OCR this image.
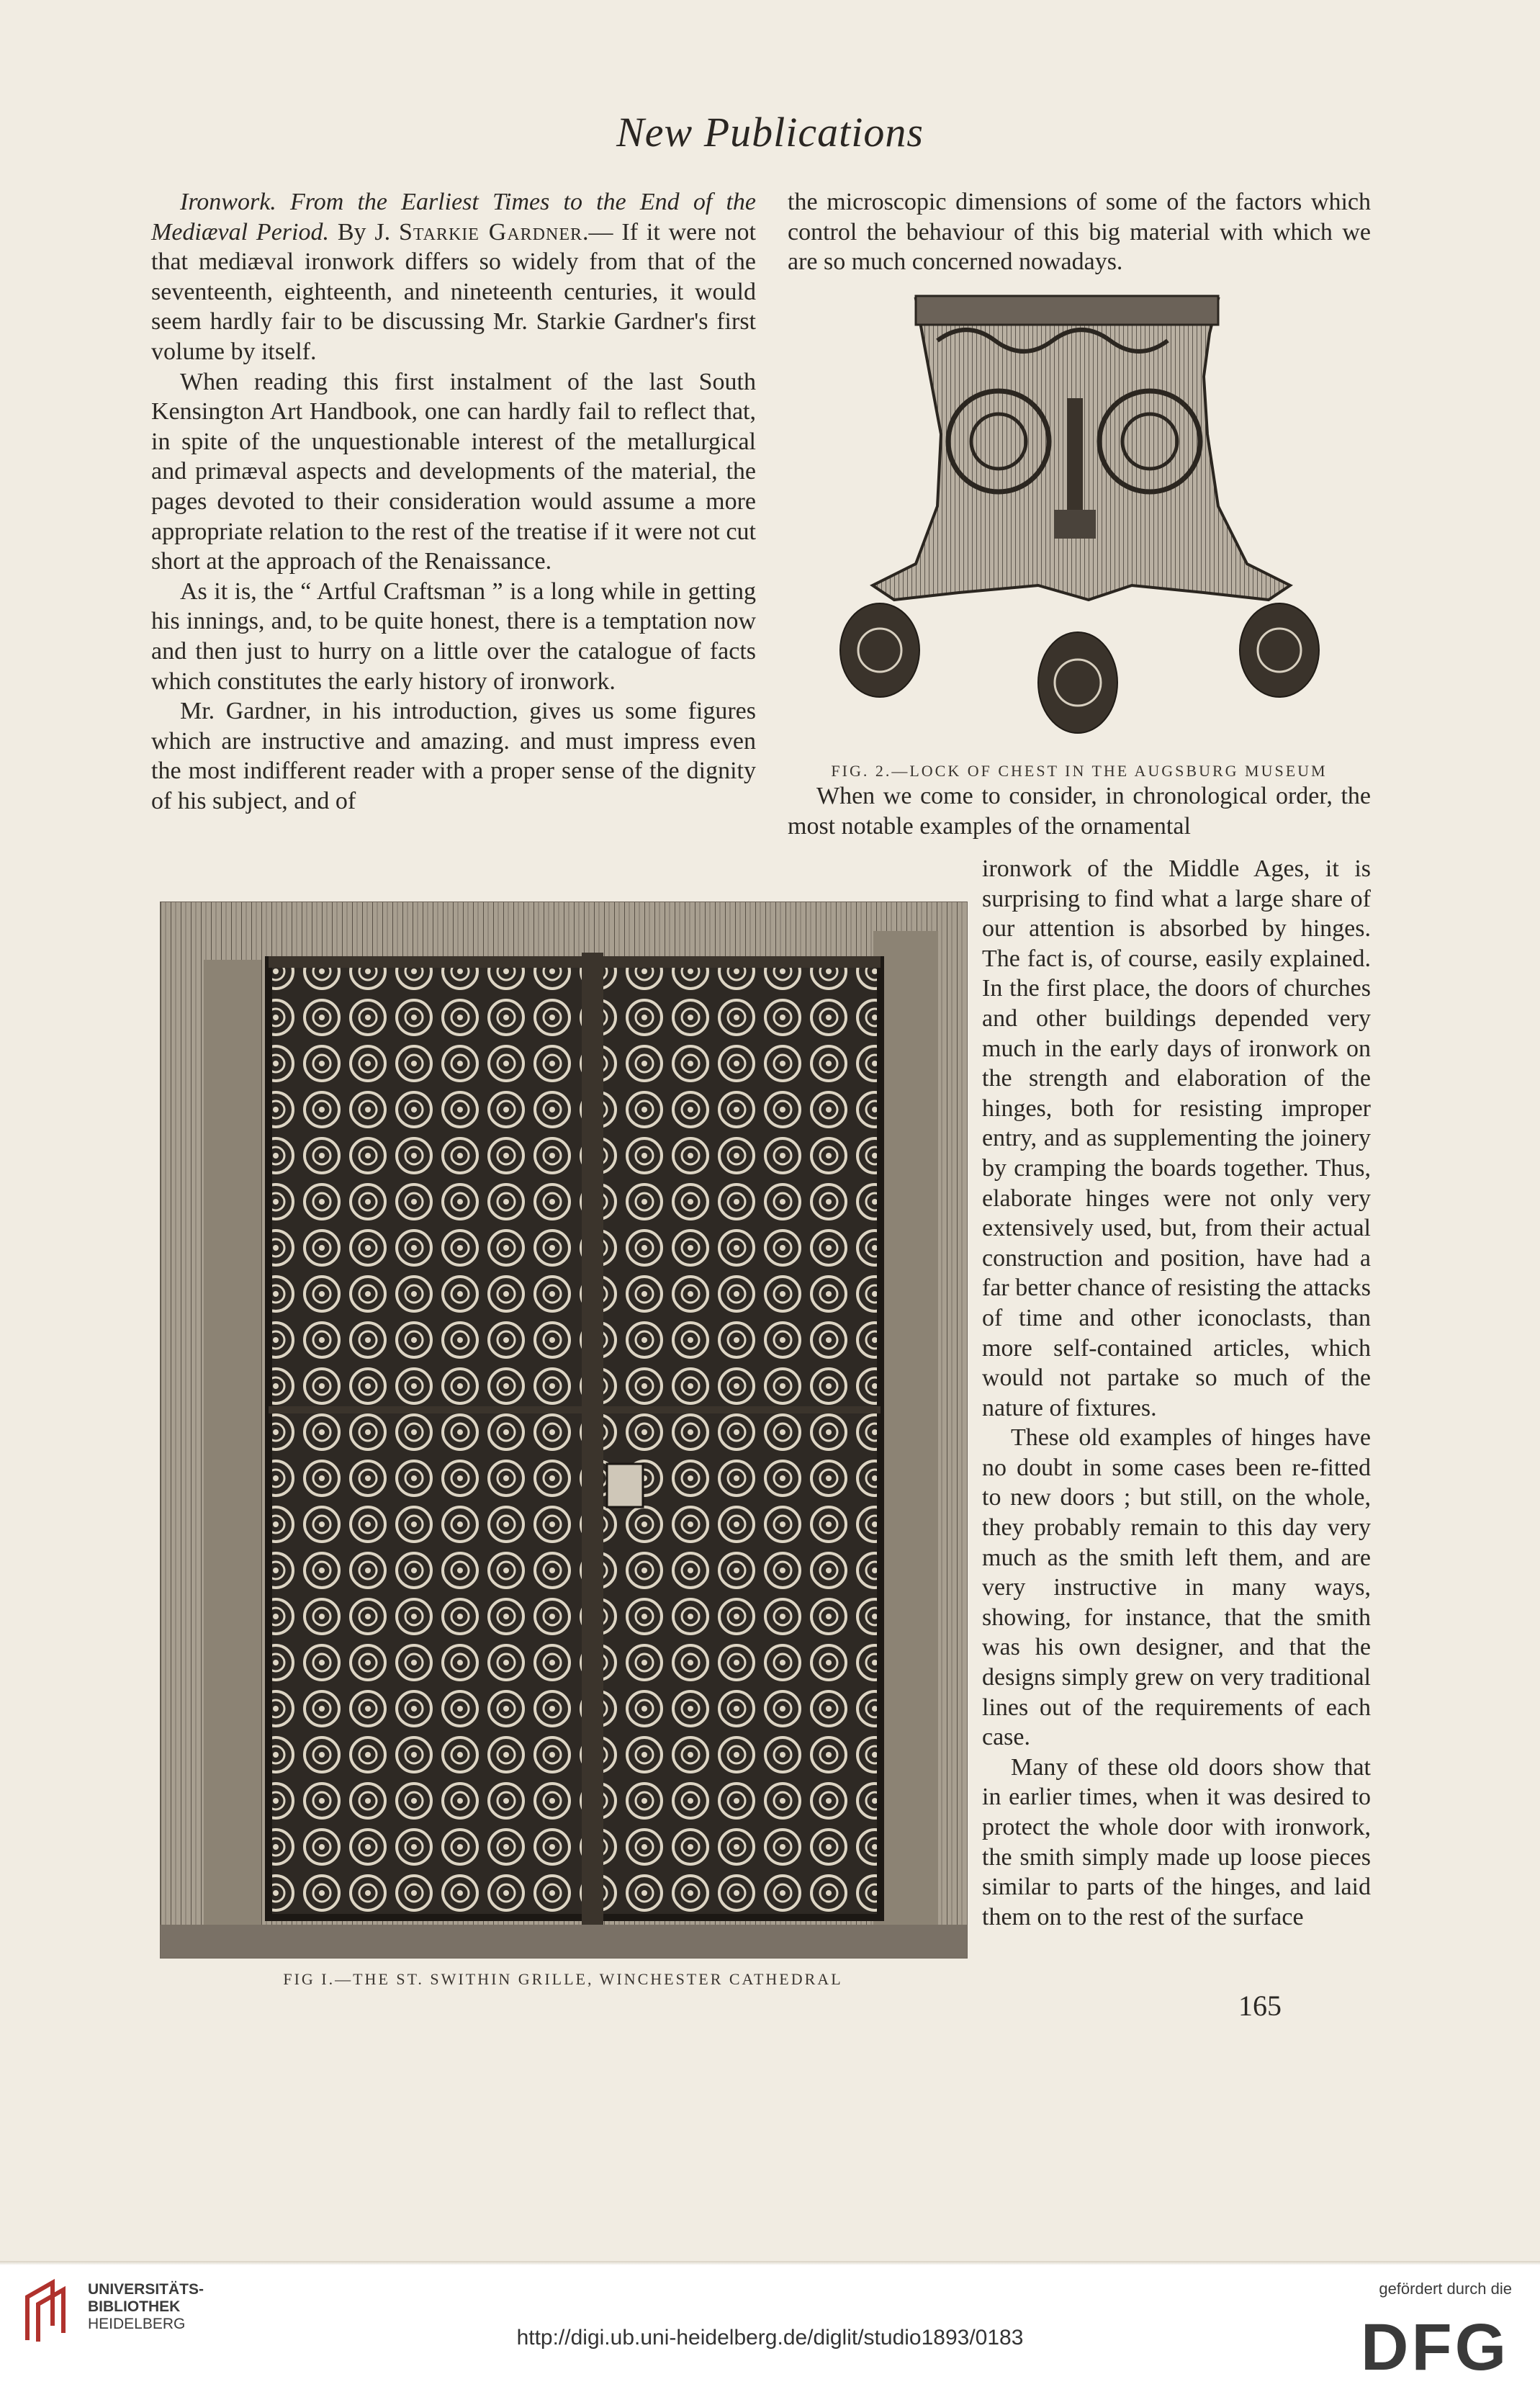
New Publications

Ironwork. From the Earliest Times to the End of the Mediæval Period. By J. Starkie Gardner.— If it were not that mediæval ironwork differs so widely from that of the seventeenth, eighteenth, and nineteenth centuries, it would seem hardly fair to be discussing Mr. Starkie Gardner's first volume by itself.

When reading this first instalment of the last South Kensington Art Handbook, one can hardly fail to reflect that, in spite of the unquestionable interest of the metallurgical and primæval aspects and developments of the material, the pages devoted to their consideration would assume a more appropriate relation to the rest of the treatise if it were not cut short at the approach of the Renaissance.

As it is, the “ Artful Craftsman ” is a long while in getting his innings, and, to be quite honest, there is a temptation now and then just to hurry on a little over the catalogue of facts which constitutes the early history of ironwork.

Mr. Gardner, in his introduction, gives us some figures which are instructive and amazing. and must impress even the most indifferent reader with a proper sense of the dignity of his subject, and of

the microscopic dimensions of some of the factors which control the behaviour of this big material with which we are so much concerned nowadays.

FIG. 2.—LOCK OF CHEST IN THE AUGSBURG MUSEUM

When we come to consider, in chronological order, the most notable examples of the ornamental

ironwork of the Middle Ages, it is surprising to find what a large share of our attention is absorbed by hinges. The fact is, of course, easily explained. In the first place, the doors of churches and other buildings depended very much in the early days of ironwork on the strength and elaboration of the hinges, both for resisting improper entry, and as supplementing the joinery by cramping the boards together. Thus, elaborate hinges were not only very extensively used, but, from their actual construction and position, have had a far better chance of resisting the attacks of time and other iconoclasts, than more self-contained articles, which would not partake so much of the nature of fixtures.

These old examples of hinges have no doubt in some cases been re-fitted to new doors ; but still, on the whole, they probably remain to this day very much as the smith left them, and are very instructive in many ways, showing, for instance, that the smith was his own designer, and that the designs simply grew on very traditional lines out of the requirements of each case.

Many of these old doors show that in earlier times, when it was desired to protect the whole door with ironwork, the smith simply made up loose pieces similar to parts of the hinges, and laid them on to the rest of the surface

FIG I.—THE ST. SWITHIN GRILLE, WINCHESTER CATHEDRAL
165
UNIVERSITÄTS-
BIBLIOTHEK
HEIDELBERG
http://digi.ub.uni-heidelberg.de/diglit/studio1893/0183
gefördert durch die
DFG
